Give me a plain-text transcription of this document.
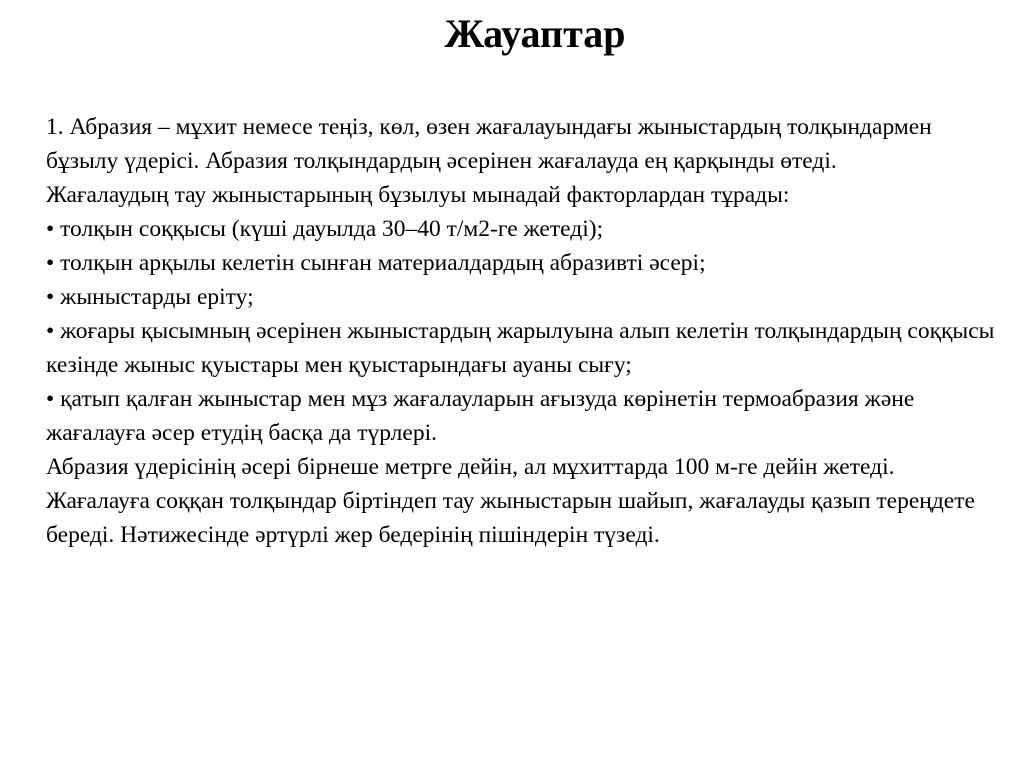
Жауаптар

1. Абразия – мұхит немесе теңіз, көл, өзен жағалауындағы жыныстардың толқындармен бұзылу үдерісі. Абразия толқындардың әсерінен жағалауда ең қарқынды өтеді.

Жағалаудың тау жыныстарының бұзылуы мынадай факторлардан тұрады:

• толқын соққысы (күші дауылда 30–40 т/м2-ге жетеді);

• толқын арқылы келетін сынған материалдардың абразивті әсері;

• жыныстарды еріту;

• жоғары қысымның әсерінен жыныстардың жарылуына алып келетін толқындардың соққысы кезінде жыныс қуыстары мен қуыстарындағы ауаны сығу;

• қатып қалған жыныстар мен мұз жағалауларын ағызуда көрінетін термоабразия және жағалауға әсер етудің басқа да түрлері.

Абразия үдерісінің әсері бірнеше метрге дейін, ал мұхиттарда 100 м-ге дейін жетеді.

Жағалауға соққан толқындар біртіндеп тау жыныстарын шайып, жағалауды қазып тереңдете береді. Нәтижесінде әртүрлі жер бедерінің пішіндерін түзеді.
